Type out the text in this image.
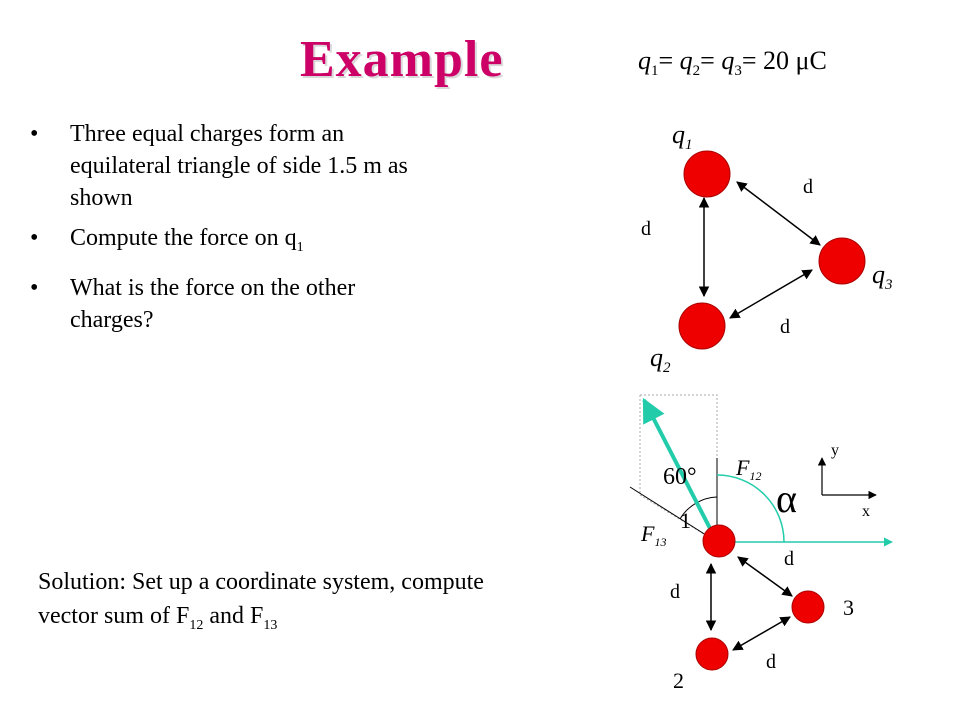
Example	$q_1= q_2= q_3= 20$ μC
• Three equal charges form an equilateral triangle of side 1.5 m as shown
• Compute the force on $q_1$
• What is the force on the other charges?
Solution: Set up a coordinate system, compute vector sum of $F_{12}$ and $F_{13}$
$q_1$
$q_2$
$q_3$
d
d
d
y
x
60° $F_{12}$
$F_{13}$
α
1
2
3
d
d
d
